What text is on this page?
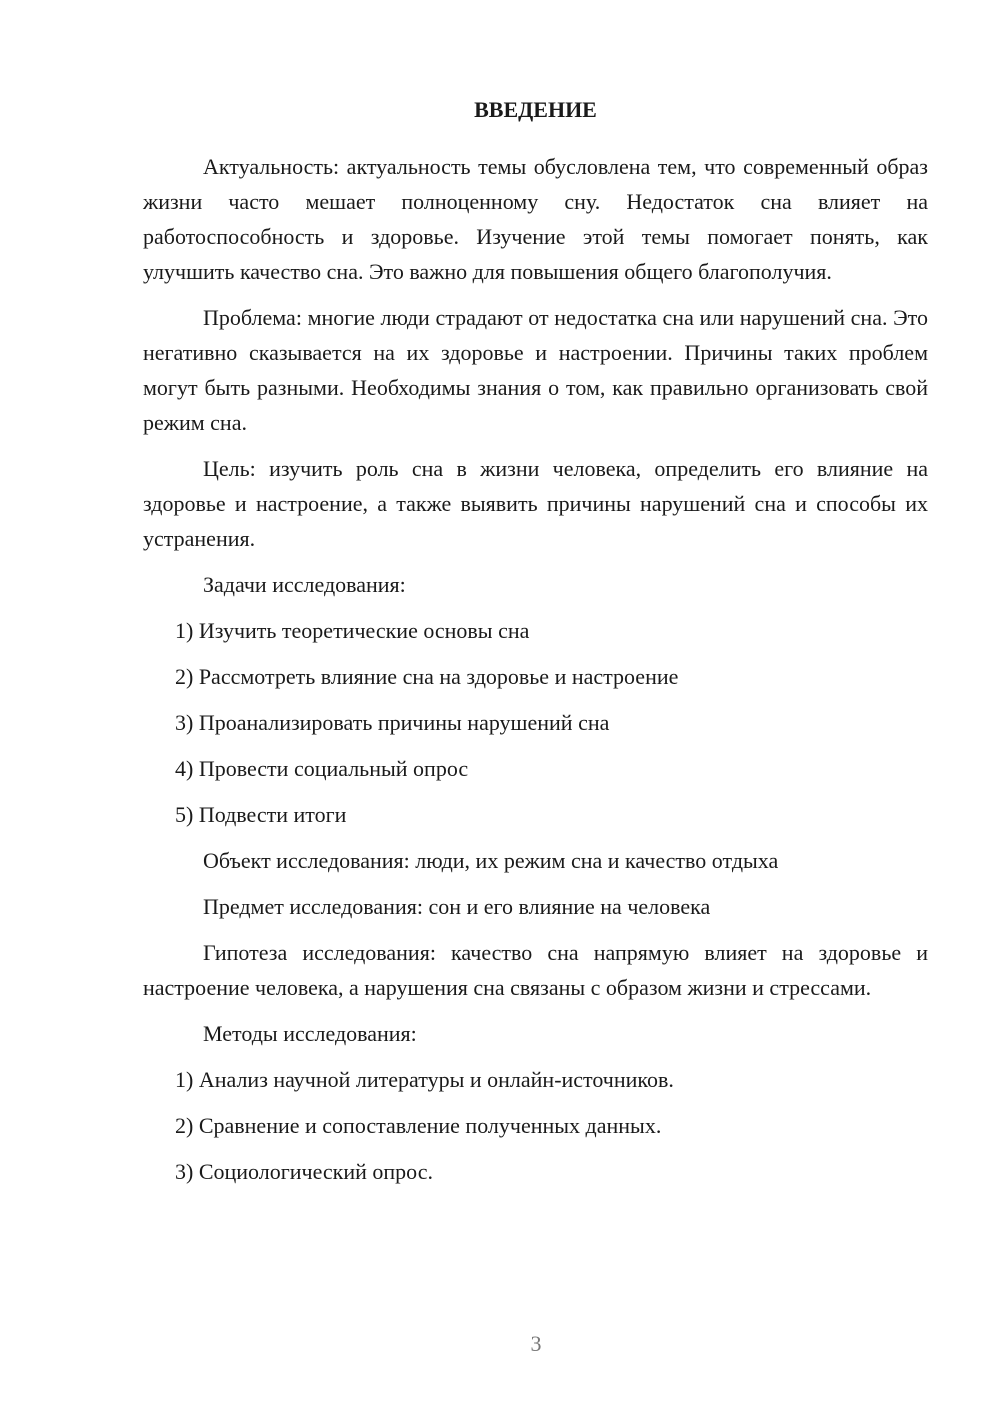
ВВЕДЕНИЕ

Актуальность: актуальность темы обусловлена тем, что современный образ жизни часто мешает полноценному сну. Недостаток сна влияет на работоспособность и здоровье. Изучение этой темы помогает понять, как улучшить качество сна. Это важно для повышения общего благополучия.

Проблема: многие люди страдают от недостатка сна или нарушений сна. Это негативно сказывается на их здоровье и настроении. Причины таких проблем могут быть разными. Необходимы знания о том, как правильно организовать свой режим сна.

Цель: изучить роль сна в жизни человека, определить его влияние на здоровье и настроение, а также выявить причины нарушений сна и способы их устранения.

Задачи исследования:

1) Изучить теоретические основы сна

2) Рассмотреть влияние сна на здоровье и настроение

3) Проанализировать причины нарушений сна

4) Провести социальный опрос

5) Подвести итоги

Объект исследования: люди, их режим сна и качество отдыха

Предмет исследования: сон и его влияние на человека

Гипотеза исследования: качество сна напрямую влияет на здоровье и настроение человека, а нарушения сна связаны с образом жизни и стрессами.

Методы исследования:

1) Анализ научной литературы и онлайн-источников.

2) Сравнение и сопоставление полученных данных.

3) Социологический опрос.

3
